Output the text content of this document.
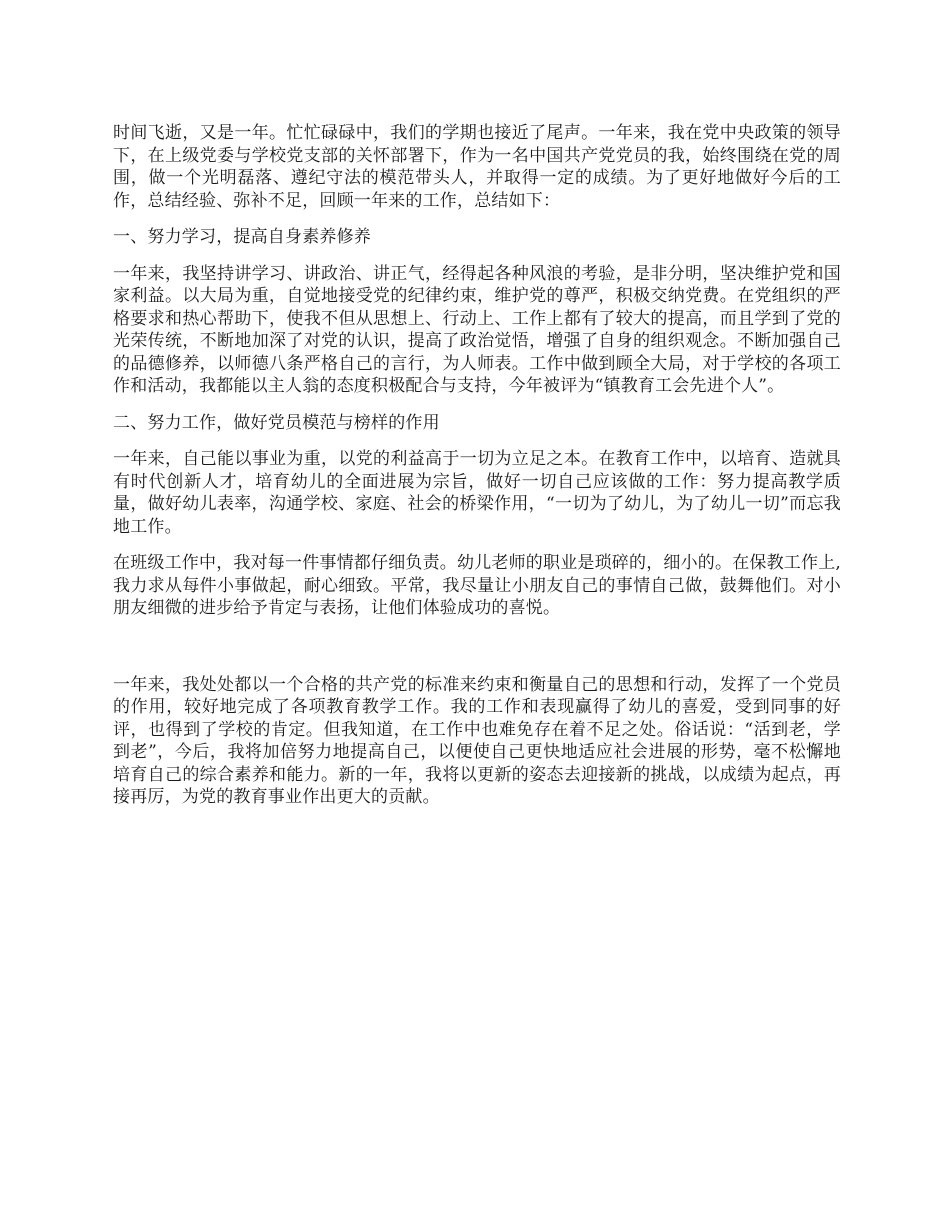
时间飞逝，又是一年。忙忙碌碌中，我们的学期也接近了尾声。一年来，我在党中央政策的领导下，在上级党委与学校党支部的关怀部署下，作为一名中国共产党党员的我，始终围绕在党的周围，做一个光明磊落、遵纪守法的模范带头人，并取得一定的成绩。为了更好地做好今后的工作，总结经验、弥补不足，回顾一年来的工作，总结如下：

一、努力学习，提高自身素养修养

一年来，我坚持讲学习、讲政治、讲正气，经得起各种风浪的考验，是非分明，坚决维护党和国家利益。以大局为重，自觉地接受党的纪律约束，维护党的尊严，积极交纳党费。在党组织的严格要求和热心帮助下，使我不但从思想上、行动上、工作上都有了较大的提高，而且学到了党的光荣传统，不断地加深了对党的认识，提高了政治觉悟，增强了自身的组织观念。不断加强自己的品德修养，以师德八条严格自己的言行，为人师表。工作中做到顾全大局，对于学校的各项工作和活动，我都能以主人翁的态度积极配合与支持，今年被评为“镇教育工会先进个人”。

二、努力工作，做好党员模范与榜样的作用

一年来，自己能以事业为重，以党的利益高于一切为立足之本。在教育工作中，以培育、造就具有时代创新人才，培育幼儿的全面进展为宗旨，做好一切自己应该做的工作：努力提高教学质量，做好幼儿表率，沟通学校、家庭、社会的桥梁作用，“一切为了幼儿，为了幼儿一切”而忘我地工作。

在班级工作中，我对每一件事情都仔细负责。幼儿老师的职业是琐碎的，细小的。在保教工作上,我力求从每件小事做起，耐心细致。平常，我尽量让小朋友自己的事情自己做，鼓舞他们。对小朋友细微的进步给予肯定与表扬，让他们体验成功的喜悦。

一年来，我处处都以一个合格的共产党的标准来约束和衡量自己的思想和行动，发挥了一个党员的作用，较好地完成了各项教育教学工作。我的工作和表现赢得了幼儿的喜爱，受到同事的好评，也得到了学校的肯定。但我知道，在工作中也难免存在着不足之处。俗话说：“活到老，学到老”，今后，我将加倍努力地提高自己，以便使自己更快地适应社会进展的形势，毫不松懈地培育自己的综合素养和能力。新的一年，我将以更新的姿态去迎接新的挑战，以成绩为起点，再接再厉，为党的教育事业作出更大的贡献。
